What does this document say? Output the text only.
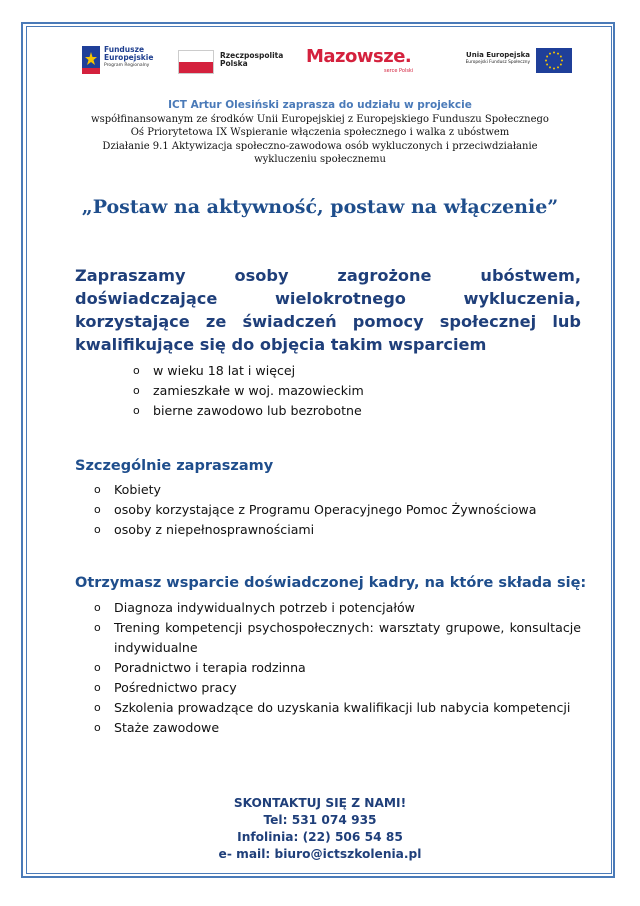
Fundusze
Europejskie
Program Regionalny
Rzeczpospolita
Polska	Mazowsze.
serce Polski
Unia Europejska
Europejski Fundusz Społeczny
ICT Artur Olesiński zaprasza do udziału w projekcie
współfinansowanym ze środków Unii Europejskiej z Europejskiego Funduszu Społecznego
Oś Priorytetowa IX Wspieranie włączenia społecznego i walka z ubóstwem
Działanie 9.1 Aktywizacja społeczno-zawodowa osób wykluczonych i przeciwdziałanie
wykluczeniu społecznemu
„Postaw na aktywność, postaw na włączenie”
Zapraszamy osoby zagrożone ubóstwem, doświadczające wielokrotnego wykluczenia, korzystające ze świadczeń pomocy społecznej lub kwalifikujące się do objęcia takim wsparciem
o w wieku 18 lat i więcej
o zamieszkałe w woj. mazowieckim
o bierne zawodowo lub bezrobotne
Szczególnie zapraszamy
o Kobiety
o osoby korzystające z Programu Operacyjnego Pomoc Żywnościowa
o osoby z niepełnosprawnościami
Otrzymasz wsparcie doświadczonej kadry, na które składa się:
o Diagnoza indywidualnych potrzeb i potencjałów
o Trening kompetencji psychospołecznych: warsztaty grupowe, konsultacje indywidualne
o Poradnictwo i terapia rodzinna
o Pośrednictwo pracy
o Szkolenia prowadzące do uzyskania kwalifikacji lub nabycia kompetencji
o Staże zawodowe
SKONTAKTUJ SIĘ Z NAMI!
Tel: 531 074 935
Infolinia: (22) 506 54 85
e- mail: biuro@ictszkolenia.pl
